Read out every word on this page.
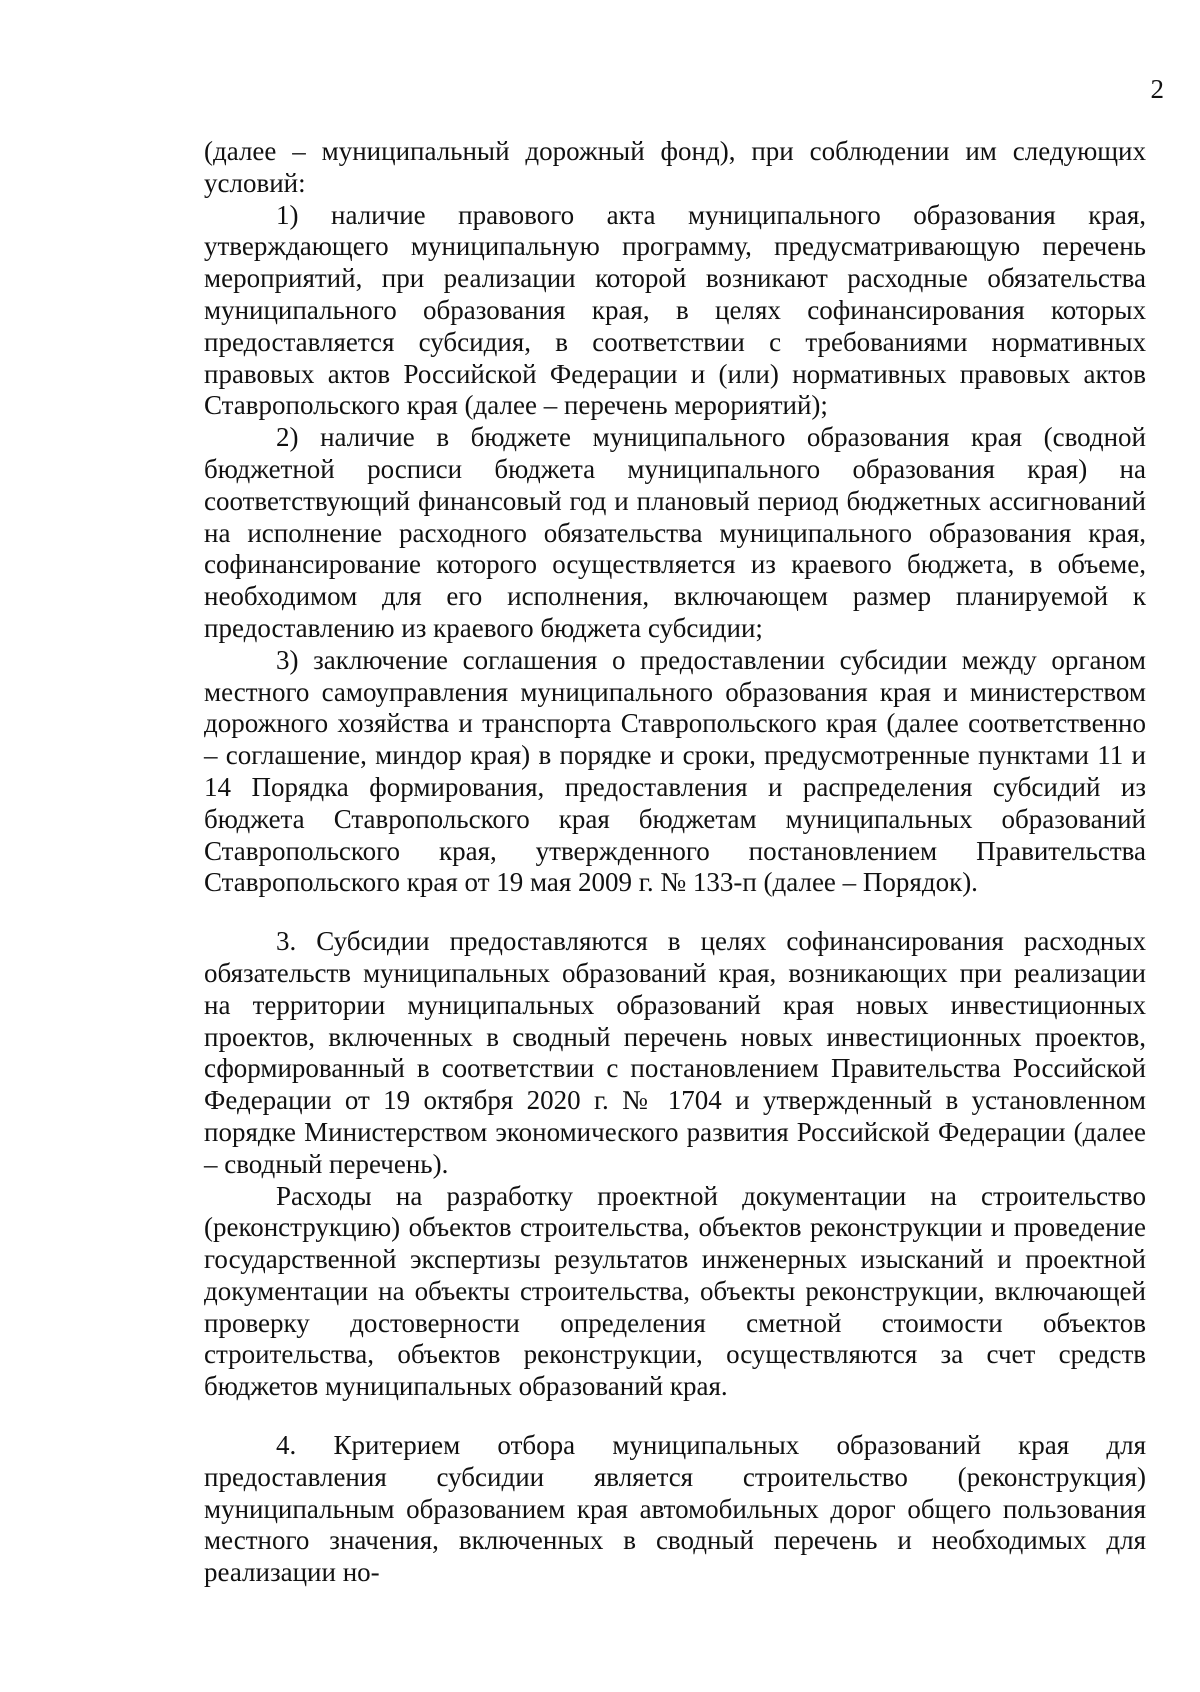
2

(далее – муниципальный дорожный фонд), при соблюдении им следующих условий:

1) наличие правового акта муниципального образования края, утверждающего муниципальную программу, предусматривающую перечень мероприятий, при реализации которой возникают расходные обязательства муниципального образования края, в целях софинансирования которых предоставляется субсидия, в соответствии с требованиями нормативных правовых актов Российской Федерации и (или) нормативных правовых актов Ставропольского края (далее – перечень мерориятий);

2) наличие в бюджете муниципального образования края (сводной бюджетной росписи бюджета муниципального образования края) на соответствующий финансовый год и плановый период бюджетных ассигнований на исполнение расходного обязательства муниципального образования края, софинансирование которого осуществляется из краевого бюджета, в объеме, необходимом для его исполнения, включающем размер планируемой к предоставлению из краевого бюджета субсидии;

3) заключение соглашения о предоставлении субсидии между органом местного самоуправления муниципального образования края и министерством дорожного хозяйства и транспорта Ставропольского края (далее соответственно – соглашение, миндор края) в порядке и сроки, предусмотренные пунктами 11 и 14 Порядка формирования, предоставления и распределения субсидий из бюджета Ставропольского края бюджетам муниципальных образований Ставропольского края, утвержденного постановлением Правительства Ставропольского края от 19 мая 2009 г. № 133-п (далее – Порядок).

3. Субсидии предоставляются в целях софинансирования расходных обязательств муниципальных образований края, возникающих при реализации на территории муниципальных образований края новых инвестиционных проектов, включенных в сводный перечень новых инвестиционных проектов, сформированный в соответствии с постановлением Правительства Российской Федерации от 19 октября 2020 г. № 1704 и утвержденный в установленном порядке Министерством экономического развития Российской Федерации (далее – сводный перечень).

Расходы на разработку проектной документации на строительство (реконструкцию) объектов строительства, объектов реконструкции и проведение государственной экспертизы результатов инженерных изысканий и проектной документации на объекты строительства, объекты реконструкции, включающей проверку достоверности определения сметной стоимости объектов строительства, объектов реконструкции, осуществляются за счет средств бюджетов муниципальных образований края.

4. Критерием отбора муниципальных образований края для предоставления субсидии является строительство (реконструкция) муниципальным образованием края автомобильных дорог общего пользования местного значения, включенных в сводный перечень и необходимых для реализации но-
